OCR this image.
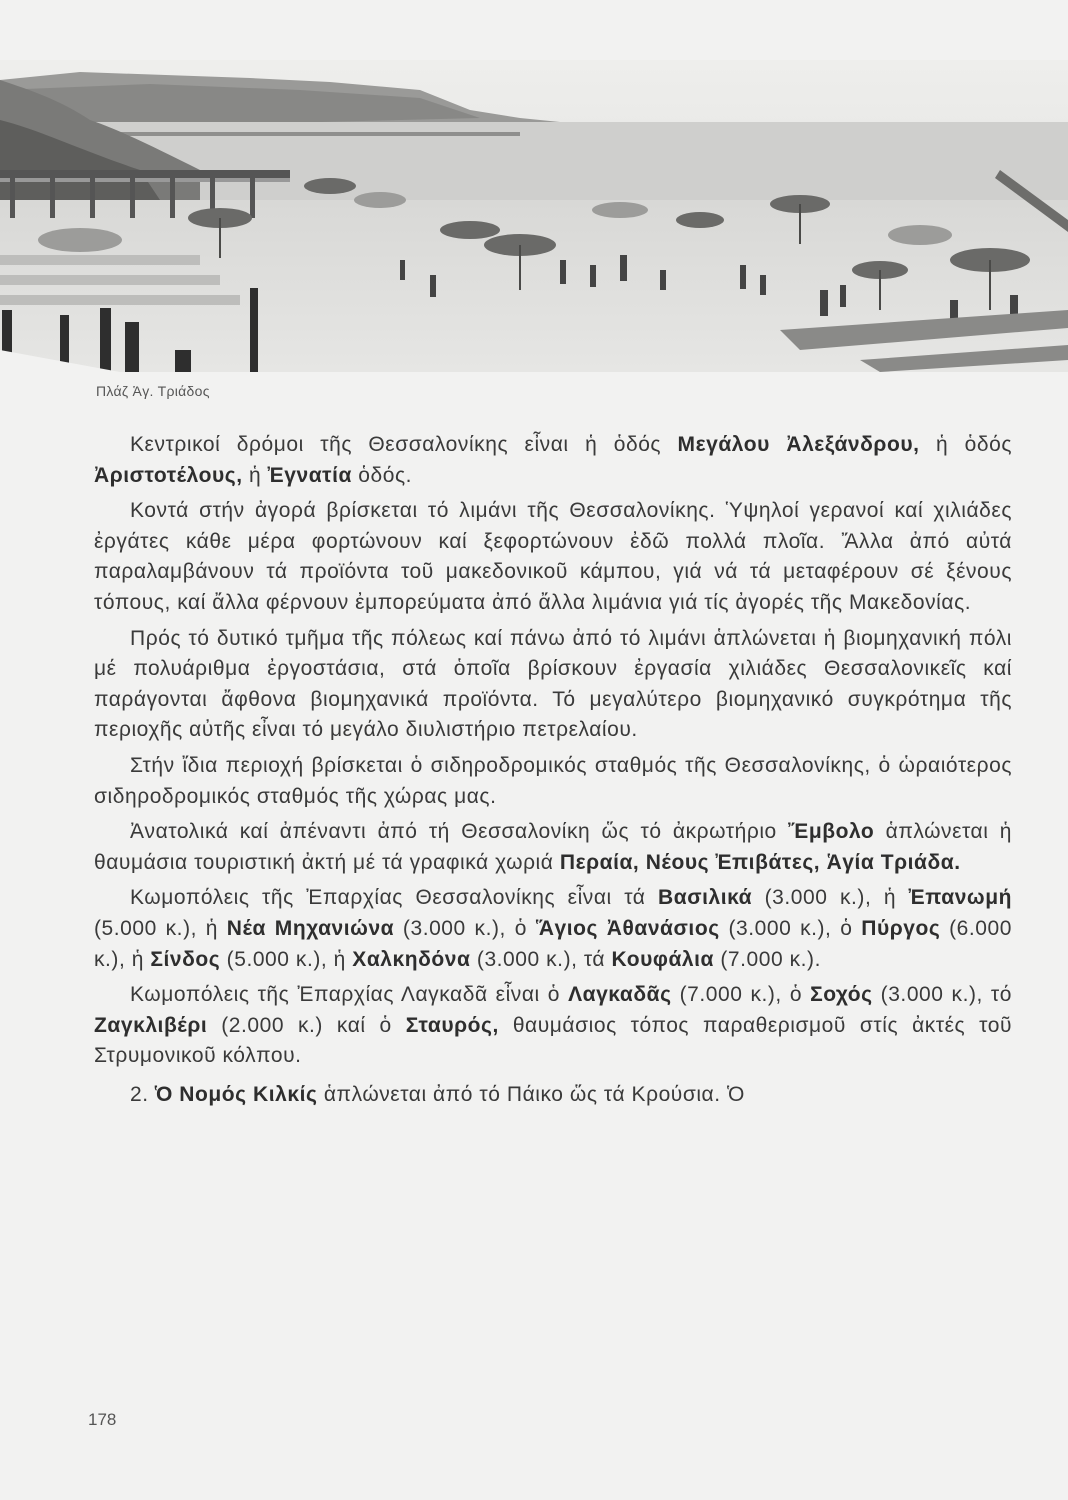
Πλάζ Ἁγ. Τριάδος

Κεντρικοί δρόμοι τῆς Θεσσαλονίκης εἶναι ἡ ὁδός Μεγάλου Ἀλεξάνδρου, ἡ ὁδός Ἀριστοτέλους, ἡ Ἐγνατία ὁδός.

Κοντά στήν ἀγορά βρίσκεται τό λιμάνι τῆς Θεσσαλονίκης. Ὑψηλοί γερανοί καί χιλιάδες ἐργάτες κάθε μέρα φορτώνουν καί ξεφορτώνουν ἐδῶ πολλά πλοῖα. Ἄλλα ἀπό αὐτά παραλαμβάνουν τά προϊόντα τοῦ μακεδονικοῦ κάμπου, γιά νά τά μεταφέρουν σέ ξένους τόπους, καί ἄλλα φέρνουν ἐμπορεύματα ἀπό ἄλλα λιμάνια γιά τίς ἀγορές τῆς Μακεδονίας.

Πρός τό δυτικό τμῆμα τῆς πόλεως καί πάνω ἀπό τό λιμάνι ἁπλώνεται ἡ βιομηχανική πόλι μέ πολυάριθμα ἐργοστάσια, στά ὁποῖα βρίσκουν ἐργασία χιλιάδες Θεσσαλονικεῖς καί παράγονται ἄφθονα βιομηχανικά προϊόντα. Τό μεγαλύτερο βιομηχανικό συγκρότημα τῆς περιοχῆς αὐτῆς εἶναι τό μεγάλο διυλιστήριο πετρελαίου.

Στήν ἴδια περιοχή βρίσκεται ὁ σιδηροδρομικός σταθμός τῆς Θεσσαλονίκης, ὁ ὡραιότερος σιδηροδρομικός σταθμός τῆς χώρας μας.

Ἀνατολικά καί ἀπέναντι ἀπό τή Θεσσαλονίκη ὥς τό ἀκρωτήριο Ἔμβολο ἁπλώνεται ἡ θαυμάσια τουριστική ἀκτή μέ τά γραφικά χωριά Περαία, Νέους Ἐπιβάτες, Ἁγία Τριάδα.

Κωμοπόλεις τῆς Ἐπαρχίας Θεσσαλονίκης εἶναι τά Βασιλικά (3.000 κ.), ἡ Ἐπανωμή (5.000 κ.), ἡ Νέα Μηχανιώνα (3.000 κ.), ὁ Ἅγιος Ἀθανάσιος (3.000 κ.), ὁ Πύργος (6.000 κ.), ἡ Σίνδος (5.000 κ.), ἡ Χαλκηδόνα (3.000 κ.), τά Κουφάλια (7.000 κ.).

Κωμοπόλεις τῆς Ἐπαρχίας Λαγκαδᾶ εἶναι ὁ Λαγκαδᾶς (7.000 κ.), ὁ Σοχός (3.000 κ.), τό Ζαγκλιβέρι (2.000 κ.) καί ὁ Σταυρός, θαυμάσιος τόπος παραθερισμοῦ στίς ἀκτές τοῦ Στρυμονικοῦ κόλπου.

2. Ὁ Νομός Κιλκίς ἁπλώνεται ἀπό τό Πάικο ὥς τά Κρούσια. Ὁ

178
